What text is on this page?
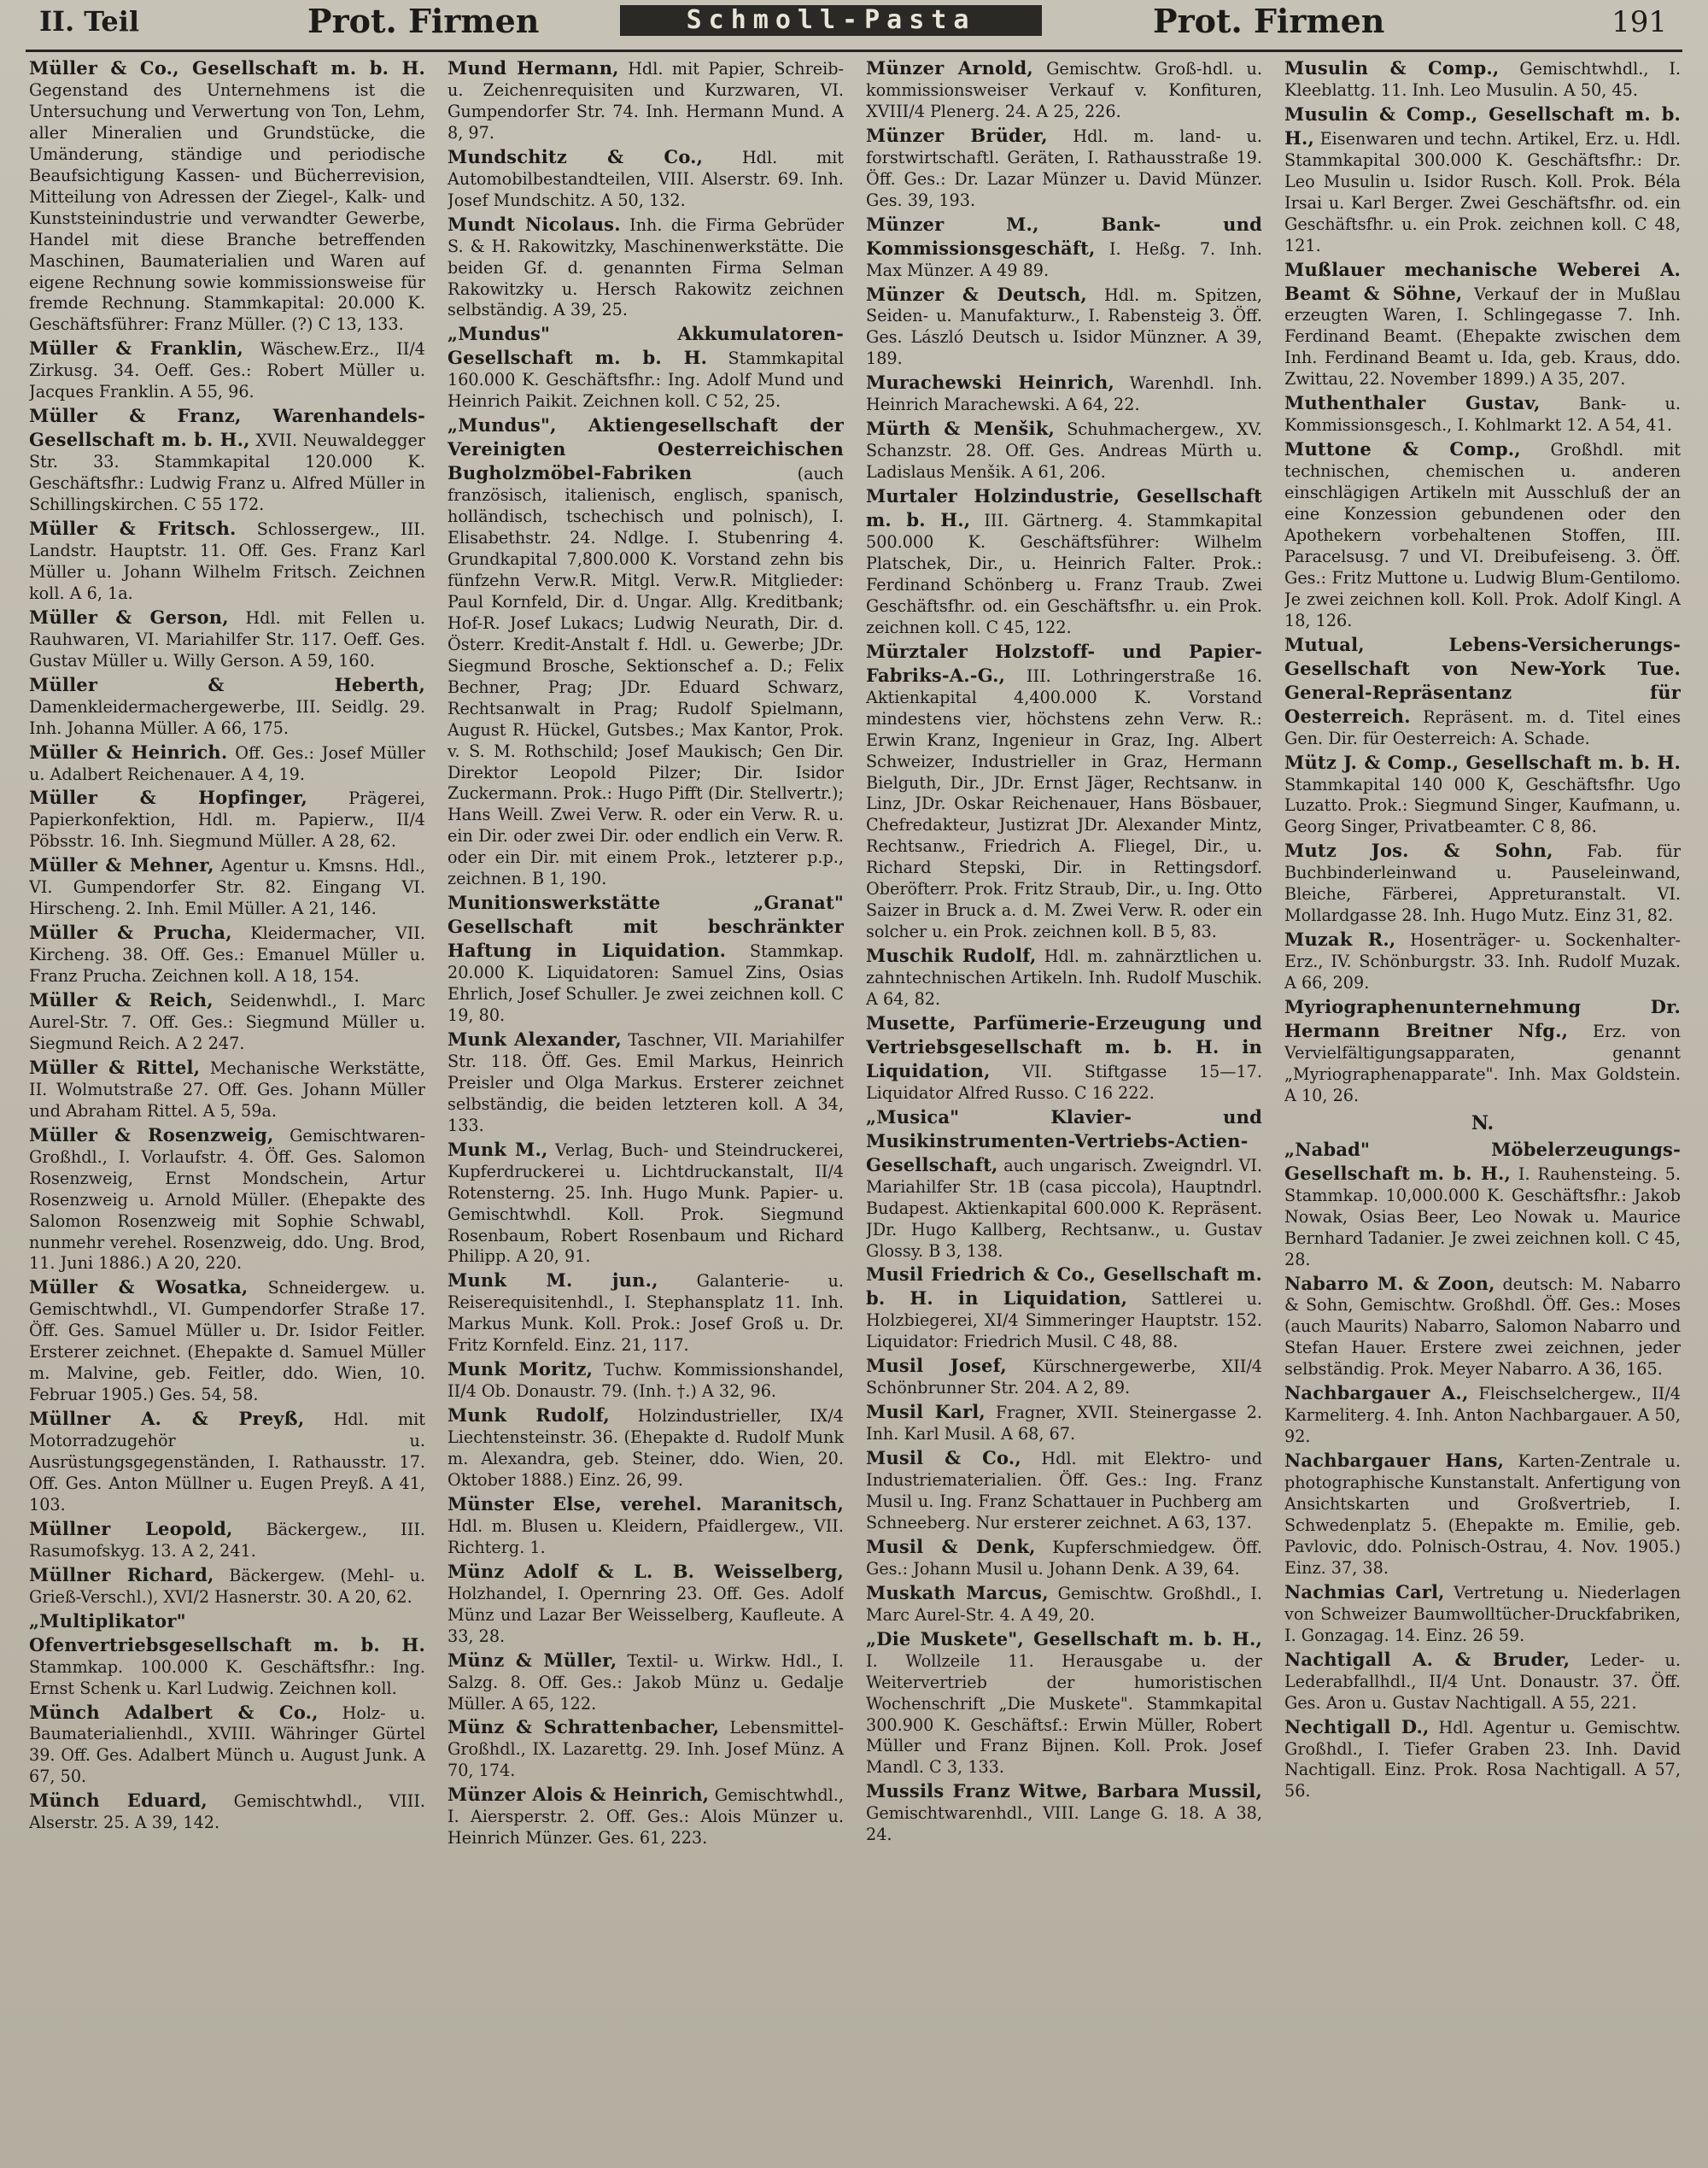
II. Teil	Prot. Firmen	Schmoll-Pasta	Prot. Firmen	191

Müller & Co., Gesellschaft m. b. H. Gegenstand des Unternehmens ist die Untersuchung und Verwertung von Ton, Lehm, aller Mineralien und Grundstücke, die Umänderung, ständige und periodische Beaufsichtigung Kassen- und Bücherrevision, Mitteilung von Adressen der Ziegel-, Kalk- und Kunststeinindustrie und verwandter Gewerbe, Handel mit diese Branche betreffenden Maschinen, Baumaterialien und Waren auf eigene Rechnung sowie kommissionsweise für fremde Rechnung. Stammkapital: 20.000 K. Geschäftsführer: Franz Müller. (?) C 13, 133.

Müller & Franklin, Wäschew.Erz., II/4 Zirkusg. 34. Oeff. Ges.: Robert Müller u. Jacques Franklin. A 55, 96.

Müller & Franz, Warenhandels-Gesellschaft m. b. H., XVII. Neuwaldegger Str. 33. Stammkapital 120.000 K. Geschäftsfhr.: Ludwig Franz u. Alfred Müller in Schillingskirchen. C 55 172.

Müller & Fritsch. Schlossergew., III. Landstr. Hauptstr. 11. Off. Ges. Franz Karl Müller u. Johann Wilhelm Fritsch. Zeichnen koll. A 6, 1a.

Müller & Gerson, Hdl. mit Fellen u. Rauhwaren, VI. Mariahilfer Str. 117. Oeff. Ges. Gustav Müller u. Willy Gerson. A 59, 160.

Müller & Heberth, Damenkleidermachergewerbe, III. Seidlg. 29. Inh. Johanna Müller. A 66, 175.

Müller & Heinrich. Off. Ges.: Josef Müller u. Adalbert Reichenauer. A 4, 19.

Müller & Hopfinger,	Prägerei, Papierkonfektion, Hdl. m. Papierw., II/4 Pöbsstr. 16. Inh. Siegmund Müller. A 28, 62.

Müller & Mehner, Agentur u. Kmsns. Hdl., VI. Gumpendorfer Str. 82. Eingang VI. Hirscheng. 2. Inh. Emil Müller. A 21, 146.

Müller & Prucha, Kleidermacher, VII. Kircheng. 38. Off. Ges.: Emanuel Müller u. Franz Prucha. Zeichnen koll. A 18, 154.

Müller & Reich, Seidenwhdl., I. Marc Aurel-Str. 7. Off. Ges.: Siegmund Müller u. Siegmund Reich. A 2 247.

Müller & Rittel, Mechanische Werkstätte, II. Wolmutstraße 27. Off. Ges. Johann Müller und Abraham Rittel. A 5, 59a.

Müller & Rosenzweig, Gemischtwaren-Großhdl., I. Vorlaufstr. 4. Öff. Ges. Salomon Rosenzweig, Ernst Mondschein, Artur Rosenzweig u. Arnold Müller. (Ehepakte des Salomon Rosenzweig mit Sophie Schwabl, nunmehr verehel. Rosenzweig, ddo. Ung. Brod, 11. Juni 1886.) A 20, 220.

Müller & Wosatka, Schneidergew. u. Gemischtwhdl., VI. Gumpendorfer Straße 17. Öff. Ges. Samuel Müller u. Dr. Isidor Feitler. Ersterer zeichnet. (Ehepakte d. Samuel Müller m. Malvine, geb. Feitler, ddo. Wien, 10. Februar 1905.) Ges. 54, 58.

Müllner A. & Preyß, Hdl. mit Motorradzugehör u. Ausrüstungsgegenständen, I. Rathausstr. 17. Off. Ges. Anton Müllner u. Eugen Preyß. A 41, 103.

Müllner Leopold, Bäckergew., III. Rasumofskyg. 13. A 2, 241.

Müllner Richard, Bäckergew. (Mehl- u. Grieß-Verschl.), XVI/2 Hasnerstr. 30. A 20, 62.

„Multiplikator" Ofenvertriebsgesellschaft m. b. H. Stammkap. 100.000 K. Geschäftsfhr.: Ing. Ernst Schenk u. Karl Ludwig. Zeichnen koll.

Münch Adalbert & Co., Holz- u. Baumaterialienhdl., XVIII. Währinger Gürtel 39. Off. Ges. Adalbert Münch u. August Junk. A 67, 50.

Münch Eduard, Gemischtwhdl., VIII. Alserstr. 25. A 39, 142.

Mund Hermann, Hdl. mit Papier, Schreib- u. Zeichenrequisiten und Kurzwaren, VI. Gumpendorfer Str. 74. Inh. Hermann Mund. A 8, 97.

Mundschitz & Co., Hdl. mit Automobilbestandteilen, VIII. Alserstr. 69. Inh. Josef Mundschitz. A 50, 132.

Mundt Nicolaus. Inh. die Firma Gebrüder S. & H. Rakowitzky, Maschinenwerkstätte. Die beiden Gf. d. genannten Firma Selman Rakowitzky u. Hersch Rakowitz zeichnen selbständig. A 39, 25.

„Mundus" Akkumulatoren-Gesellschaft m. b. H. Stammkapital 160.000 K. Geschäftsfhr.: Ing. Adolf Mund und Heinrich Paikit. Zeichnen koll. C 52, 25.

„Mundus", Aktiengesellschaft der Vereinigten Oesterreichischen Bugholzmöbel-Fabriken	(auch französisch, italienisch, englisch, spanisch, holländisch, tschechisch und polnisch), I. Elisabethstr. 24. Ndlge. I. Stubenring 4. Grundkapital 7,800.000 K. Vorstand zehn bis fünfzehn Verw.R. Mitgl. Verw.R. Mitglieder: Paul Kornfeld, Dir. d. Ungar. Allg. Kreditbank; Hof-R. Josef Lukacs; Ludwig Neurath, Dir. d. Österr. Kredit-Anstalt f. Hdl. u. Gewerbe; JDr. Siegmund Brosche, Sektionschef a. D.; Felix Bechner, Prag; JDr. Eduard Schwarz, Rechtsanwalt in Prag; Rudolf Spielmann, August R. Hückel, Gutsbes.; Max Kantor, Prok. v. S. M. Rothschild; Josef Maukisch; Gen Dir. Direktor Leopold Pilzer; Dir. Isidor Zuckermann. Prok.: Hugo Pifft (Dir. Stellvertr.); Hans Weill. Zwei Verw. R. oder ein Verw. R. u. ein Dir. oder zwei Dir. oder endlich ein Verw. R. oder ein Dir. mit einem Prok., letzterer p.p., zeichnen. B 1, 190.

Munitionswerkstätte „Granat" Gesellschaft mit beschränkter Haftung in Liquidation. Stammkap. 20.000 K. Liquidatoren: Samuel Zins, Osias Ehrlich, Josef Schuller. Je zwei zeichnen koll. C 19, 80.

Munk Alexander, Taschner, VII. Mariahilfer Str. 118. Öff. Ges. Emil Markus, Heinrich Preisler und Olga Markus. Ersterer zeichnet selbständig, die beiden letzteren koll. A 34, 133.

Munk M., Verlag, Buch- und Steindruckerei, Kupferdruckerei u. Lichtdruckanstalt, II/4 Rotensterng. 25. Inh. Hugo Munk. Papier- u. Gemischtwhdl. Koll. Prok. Siegmund Rosenbaum, Robert Rosenbaum und Richard Philipp. A 20, 91.

Munk M. jun., Galanterie- u. Reiserequisitenhdl., I. Stephansplatz 11. Inh. Markus Munk. Koll. Prok.: Josef Groß u. Dr. Fritz Kornfeld. Einz. 21, 117.

Munk Moritz, Tuchw. Kommissionshandel, II/4 Ob. Donaustr. 79. (Inh. †.) A 32, 96.

Munk Rudolf, Holzindustrieller, IX/4 Liechtensteinstr. 36. (Ehepakte d. Rudolf Munk m. Alexandra, geb. Steiner, ddo. Wien, 20. Oktober 1888.) Einz. 26, 99.

Münster Else, verehel. Maranitsch, Hdl. m. Blusen u. Kleidern, Pfaidlergew., VII. Richterg. 1.

Münz Adolf & L. B. Weisselberg, Holzhandel, I. Opernring 23. Off. Ges. Adolf Münz und Lazar Ber Weisselberg, Kaufleute. A 33, 28.

Münz & Müller, Textil- u. Wirkw. Hdl., I. Salzg. 8. Off. Ges.: Jakob Münz u. Gedalje Müller. A 65, 122.

Münz & Schrattenbacher, Lebensmittel-Großhdl., IX. Lazarettg. 29. Inh. Josef Münz. A 70, 174.

Münzer Alois & Heinrich, Gemischtwhdl., I. Aiersperstr. 2. Off. Ges.: Alois Münzer u. Heinrich Münzer. Ges. 61, 223.

Münzer Arnold, Gemischtw. Groß-hdl. u. kommissionsweiser Verkauf v. Konfituren, XVIII/4 Plenerg. 24. A 25, 226.

Münzer Brüder, Hdl. m. land- u. forstwirtschaftl. Geräten, I. Rathausstraße 19. Öff. Ges.: Dr. Lazar Münzer u. David Münzer. Ges. 39, 193.

Münzer M., Bank- und Kommissionsgeschäft, I. Heßg. 7. Inh. Max Münzer. A 49 89.

Münzer & Deutsch, Hdl. m. Spitzen, Seiden- u. Manufakturw., I. Rabensteig 3. Öff. Ges. László Deutsch u. Isidor Münzner. A 39, 189.

Murachewski Heinrich, Warenhdl. Inh. Heinrich Marachewski. A 64, 22.

Mürth & Menšik, Schuhmachergew., XV. Schanzstr. 28. Off. Ges. Andreas Mürth u. Ladislaus Menšik. A 61, 206.

Murtaler Holzindustrie, Gesellschaft m. b. H., III. Gärtnerg. 4. Stammkapital 500.000 K. Geschäftsführer: Wilhelm Platschek, Dir., u. Heinrich Falter. Prok.: Ferdinand Schönberg u. Franz Traub. Zwei Geschäftsfhr. od. ein Geschäftsfhr. u. ein Prok. zeichnen koll. C 45, 122.

Mürztaler Holzstoff- und Papier-Fabriks-A.-G., III. Lothringerstraße 16. Aktienkapital 4,400.000 K. Vorstand mindestens vier, höchstens zehn Verw. R.: Erwin Kranz, Ingenieur in Graz, Ing. Albert Schweizer, Industrieller in Graz, Hermann Bielguth, Dir., JDr. Ernst Jäger, Rechtsanw. in Linz, JDr. Oskar Reichenauer, Hans Bösbauer, Chefredakteur, Justizrat JDr. Alexander Mintz, Rechtsanw., Friedrich A. Fliegel, Dir., u. Richard Stepski, Dir. in Rettingsdorf. Oberöfterr. Prok. Fritz Straub, Dir., u. Ing. Otto Saizer in Bruck a. d. M. Zwei Verw. R. oder ein solcher u. ein Prok. zeichnen koll. B 5, 83.

Muschik Rudolf, Hdl. m. zahnärztlichen u. zahntechnischen Artikeln. Inh. Rudolf Muschik. A 64, 82.

Musette, Parfümerie-Erzeugung und Vertriebsgesellschaft m. b. H. in Liquidation, VII. Stiftgasse 15—17. Liquidator Alfred Russo. C 16 222.

„Musica" Klavier- und Musikinstrumenten-Vertriebs-Actien-Gesellschaft, auch ungarisch. Zweigndrl. VI. Mariahilfer Str. 1B (casa piccola), Hauptndrl. Budapest. Aktienkapital 600.000 K. Repräsent. JDr. Hugo Kallberg, Rechtsanw., u. Gustav Glossy. B 3, 138.

Musil Friedrich & Co., Gesellschaft m. b. H. in Liquidation, Sattlerei u. Holzbiegerei, XI/4 Simmeringer Hauptstr. 152. Liquidator: Friedrich Musil. C 48, 88.

Musil Josef, Kürschnergewerbe, XII/4 Schönbrunner Str. 204. A 2, 89.

Musil Karl, Fragner, XVII. Steinergasse 2. Inh. Karl Musil. A 68, 67.

Musil & Co., Hdl. mit Elektro- und Industriematerialien. Öff. Ges.: Ing. Franz Musil u. Ing. Franz Schattauer in Puchberg am Schneeberg. Nur ersterer zeichnet. A 63, 137.

Musil & Denk, Kupferschmiedgew. Öff. Ges.: Johann Musil u. Johann Denk. A 39, 64.

Muskath Marcus, Gemischtw. Großhdl., I. Marc Aurel-Str. 4. A 49, 20.

„Die Muskete", Gesellschaft m. b. H., I. Wollzeile 11. Herausgabe u. der Weitervertrieb der humoristischen Wochenschrift „Die Muskete". Stammkapital 300.900 K. Geschäftsf.: Erwin Müller, Robert Müller und Franz Bijnen. Koll. Prok. Josef Mandl. C 3, 133.

Mussils Franz Witwe, Barbara Mussil, Gemischtwarenhdl., VIII. Lange G. 18. A 38, 24.

Musulin & Comp., Gemischtwhdl., I. Kleeblattg. 11. Inh. Leo Musulin. A 50, 45.

Musulin & Comp., Gesellschaft m. b. H., Eisenwaren und techn. Artikel, Erz. u. Hdl. Stammkapital 300.000 K. Geschäftsfhr.: Dr. Leo Musulin u. Isidor Rusch. Koll. Prok. Béla Irsai u. Karl Berger. Zwei Geschäftsfhr. od. ein Geschäftsfhr. u. ein Prok. zeichnen koll. C 48, 121.

Mußlauer mechanische Weberei A. Beamt & Söhne, Verkauf der in Mußlau erzeugten Waren, I. Schlingegasse 7. Inh. Ferdinand Beamt. (Ehepakte zwischen dem Inh. Ferdinand Beamt u. Ida, geb. Kraus, ddo. Zwittau, 22. November 1899.) A 35, 207.

Muthenthaler Gustav, Bank- u. Kommissionsgesch., I. Kohlmarkt 12. A 54, 41.

Muttone & Comp., Großhdl. mit technischen, chemischen u. anderen einschlägigen Artikeln mit Ausschluß der an eine Konzession gebundenen oder den Apothekern vorbehaltenen Stoffen, III. Paracelsusg. 7 und VI. Dreibufeiseng. 3. Öff. Ges.: Fritz Muttone u. Ludwig Blum-Gentilomo. Je zwei zeichnen koll. Koll. Prok. Adolf Kingl. A 18, 126.

Mutual, Lebens-Versicherungs-Gesellschaft von New-York Tue. General-Repräsentanz für Oesterreich. Repräsent. m. d. Titel eines Gen. Dir. für Oesterreich: A. Schade.

Mütz J. & Comp., Gesellschaft m. b. H. Stammkapital 140 000 K, Geschäftsfhr. Ugo Luzatto. Prok.: Siegmund Singer, Kaufmann, u. Georg Singer, Privatbeamter. C 8, 86.

Mutz Jos. & Sohn, Fab. für Buchbinderleinwand u. Pauseleinwand, Bleiche, Färberei, Appreturanstalt. VI. Mollardgasse 28. Inh. Hugo Mutz. Einz 31, 82.

Muzak R., Hosenträger- u. Sockenhalter-Erz., IV. Schönburgstr. 33. Inh. Rudolf Muzak. A 66, 209.

Myriographenunternehmung Dr. Hermann Breitner Nfg., Erz. von Vervielfältigungsapparaten, genannt „Myriographenapparate". Inh. Max Goldstein. A 10, 26.

N.

„Nabad" Möbelerzeugungs-Gesellschaft m. b. H., I. Rauhensteing. 5. Stammkap. 10,000.000 K. Geschäftsfhr.: Jakob Nowak, Osias Beer, Leo Nowak u. Maurice Bernhard Tadanier. Je zwei zeichnen koll. C 45, 28.

Nabarro M. & Zoon, deutsch: M. Nabarro & Sohn, Gemischtw. Großhdl. Öff. Ges.: Moses (auch Maurits) Nabarro, Salomon Nabarro und Stefan Hauer. Erstere zwei zeichnen, jeder selbständig. Prok. Meyer Nabarro. A 36, 165.

Nachbargauer A., Fleischselchergew., II/4 Karmeliterg. 4. Inh. Anton Nachbargauer. A 50, 92.

Nachbargauer Hans, Karten-Zentrale u. photographische Kunstanstalt. Anfertigung von Ansichtskarten und Großvertrieb, I. Schwedenplatz 5. (Ehepakte m. Emilie, geb. Pavlovic, ddo. Polnisch-Ostrau, 4. Nov. 1905.) Einz. 37, 38.

Nachmias Carl, Vertretung u. Niederlagen von Schweizer Baumwolltücher-Druckfabriken, I. Gonzagag. 14. Einz. 26 59.

Nachtigall A. & Bruder, Leder- u. Lederabfallhdl., II/4 Unt. Donaustr. 37. Öff. Ges. Aron u. Gustav Nachtigall. A 55, 221.

Nechtigall D., Hdl. Agentur u. Gemischtw. Großhdl., I. Tiefer Graben 23. Inh. David Nachtigall. Einz. Prok. Rosa Nachtigall. A 57, 56.
